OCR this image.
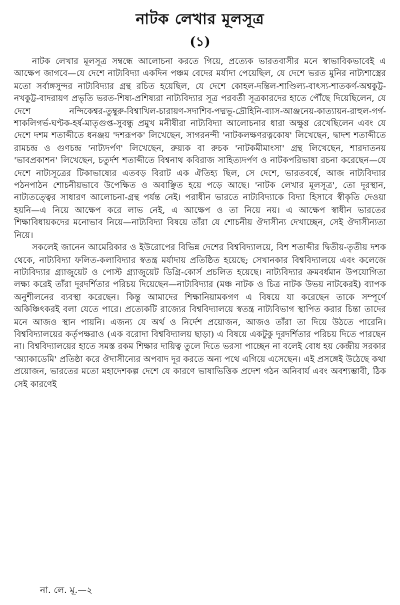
নাটক লেখার মূলসূত্র
(১)

নাটক লেখার মূলসূত্র সম্বন্ধে আলোচনা করতে গিয়ে, প্রত্যেক ভারতবাসীর মনে স্বাভাবিকভাবেই এ আক্ষেপ জাগবে—যে দেশে নাট্যবিদ্যা একদিন পঞ্চম বেদের মর্যাদা পেয়েছিল, যে দেশে ভরত মুনির নাট্যশাস্ত্রের মতো সর্বাঙ্গসুন্দর নাট্যবিদ্যার গ্রন্থ রচিত হয়েছিল, যে দেশে কোহল-দন্তিল-শাণ্ডিল্য-বাৎস্য-শাতকর্ণ-অশ্বকুট্ট-নখকুট্ট-বাদরায়ণ প্রভৃতি ভরত-শিষ্য-প্রশিষ্যরা নাট্যবিদ্যার সূত্র পরবর্তী সূত্রকারদের হাতে পৌঁছে দিয়েছিলেন, যে দেশে নন্দিকেশ্বর-তুম্বুরু-বিশ্বাখিল-চারায়ণ-সদাশিব-পদ্মভূ-দ্রৌহিনি-ব্যাস-আঞ্জনেয়-কাত্যায়ন-রাহুল-গর্গ-শাকলিগর্ভ-ঘণ্টক-হর্ষ-মাতৃগুপ্ত-সুবন্ধু প্রমুখ মনীষীরা নাট্যবিদ্যা আলোচনার ধারা অক্ষুণ্ণ রেখেছিলেন এবং যে দেশে দশম শতাব্দীতে ধনঞ্জয় 'দশরূপক' লিখেছেন, সাগরনন্দী 'নাটকলক্ষণরত্নকোষ' লিখেছেন, দ্বাদশ শতাব্দীতে রামচন্দ্র ও গুণচন্দ্র 'নাট্যদর্পণ' লিখেছেন, রুয়্যক বা রুচক 'নাটকমীমাংসা' গ্রন্থ লিখেছেন, শারদাতনয় 'ভাবপ্রকাশন' লিখেছেন, চতুর্দশ শতাব্দীতে বিশ্বনাথ কবিরাজ সাহিত্যদর্পণ ও নাটকপরিভাষা রচনা করেছেন—যে দেশে নাট্যসূত্রের টিকাভাষ্যের এতবড় বিরাট এক ঐতিহ্য ছিল, সে দেশে, ভারতবর্ষে, আজ নাট্যবিদ্যার পঠনপাঠন শোচনীয়ভাবে উপেক্ষিত ও অবাঞ্ছিত হয়ে পড়ে আছে। 'নাটক লেখার মূলসূত্র', তো দূরস্থান, নাট্যতত্ত্বের সাধারণ আলোচনা-গ্রন্থ পর্যন্ত নেই। পরাধীন ভারতে নাট্যবিদ্যাকে বিদ্যা হিসাবে স্বীকৃতি দেওয়া হয়নি—এ নিয়ে আক্ষেপ করে লাভ নেই, এ আক্ষেপ ও তা নিয়ে নয়। এ আক্ষেপ স্বাধীন ভারতের শিক্ষাবিধায়কদের মনোভাব নিয়ে—নাট্যবিদ্যা বিষয়ে তাঁরা যে শোচনীয় ঔদাসীন্য দেখাচ্ছেন, সেই ঔদাসীন্যতা নিয়ে।

সকলেই জানেন আমেরিকার ও ইউরোপের বিভিন্ন দেশের বিশ্ববিদ্যালয়ে, বিশ শতাব্দীর দ্বিতীয়-তৃতীয় দশক থেকে, নাট্যবিদ্যা ফলিত-কলাবিদ্যার স্বতন্ত্র মর্যাদায় প্রতিষ্ঠিত হয়েছে; সেখানকার বিশ্ববিদ্যালয়ে এবং কলেজে নাট্যবিদ্যার গ্র্যাজুয়েট ও পোস্ট গ্র্যাজুয়েট ডিগ্রি-কোর্স প্রচলিত হয়েছে। নাট্যবিদ্যার ক্রমবর্ধমান উপযোগিতা লক্ষ্য করেই তাঁরা দূরদর্শিতার পরিচয় দিয়েছেন—নাট্যবিদ্যার (মঞ্চ নাটক ও চিত্র নাটক উভয় নাটকেরই) ব্যাপক অনুশীলনের ব্যবস্থা করেছেন। কিন্তু আমাদের শিক্ষানিয়ামকগণ এ বিষয়ে যা করেছেন তাকে সম্পূর্ণে অকিঞ্চিৎকরই বলা যেতে পারে। প্রত্যেকটি রাজ্যের বিশ্ববিদ্যালয়ে স্বতন্ত্র নাট্যবিভাগ স্থাপিত করার চিন্তা তাদের মনে আজও স্থান পায়নি। এজন্য যে অর্থ ও নির্দেশ প্রয়োজন, আজও তাঁরা তা দিয়ে উঠতে পারেনি। বিশ্ববিদ্যালয়ের কর্তৃপক্ষরাও (এক বরোদা বিশ্ববিদ্যালয় ছাড়া) এ বিষয়ে একটুকু দূরদর্শিতার পরিচয় দিতে পারছেন না। বিশ্ববিদ্যালয়ের হাতে সমস্ত রকম শিক্ষার দায়িত্ব তুলে দিতে ভরসা পাচ্ছেন না বলেই বোধ হয় কেন্দ্রীয় সরকার 'অ্যাকাডেমি' প্রতিষ্ঠা করে ঔদাসীন্যের অপবাদ দূর করতে অন্য পথে এগিয়ে এসেছেন। এই প্রসঙ্গেই উঠেছে কথা প্রয়োজন, ভারতের মতো মহাদেশকল্প দেশে যে কারণে ভাষাভিত্তিক প্রদেশ গঠন অনিবার্য এবং অবশ্যম্ভাবী, ঠিক সেই কারণেই

না. লে. মূ.—২
